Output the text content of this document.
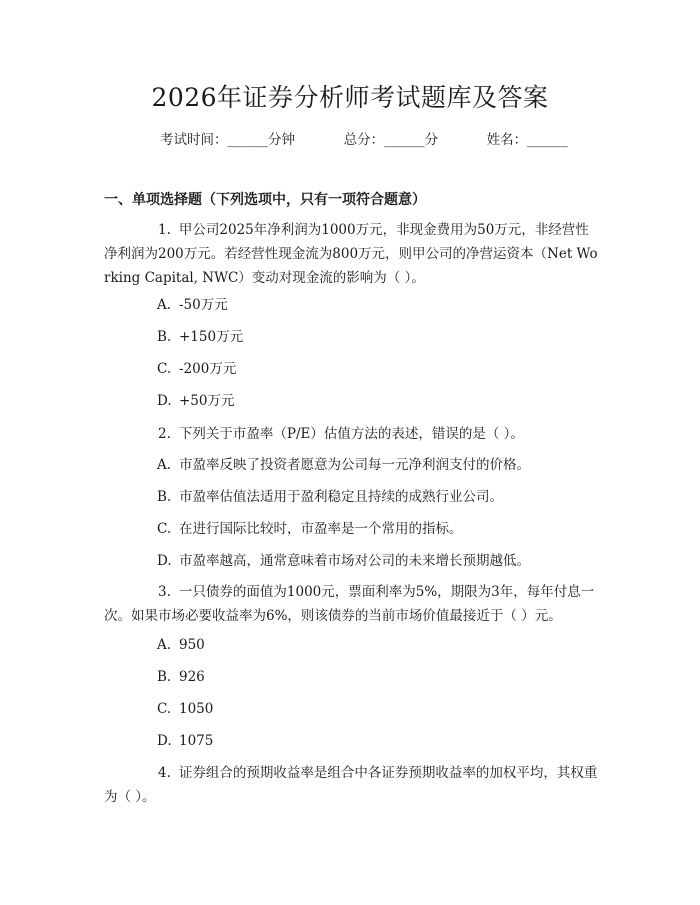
2026年证券分析师考试题库及答案
考试时间：______分钟	总分：______分	姓名：______
一、单项选择题（下列选项中，只有一项符合题意）
1. 甲公司2025年净利润为1000万元，非现金费用为50万元，非经营性净利润为200万元。若经营性现金流为800万元，则甲公司的净营运资本（Net Working Capital, NWC）变动对现金流的影响为（ ）。
A. -50万元
B. +150万元
C. -200万元
D. +50万元
2. 下列关于市盈率（P/E）估值方法的表述，错误的是（ ）。
A. 市盈率反映了投资者愿意为公司每一元净利润支付的价格。
B. 市盈率估值法适用于盈利稳定且持续的成熟行业公司。
C. 在进行国际比较时，市盈率是一个常用的指标。
D. 市盈率越高，通常意味着市场对公司的未来增长预期越低。
3. 一只债券的面值为1000元，票面利率为5%，期限为3年，每年付息一次。如果市场必要收益率为6%，则该债券的当前市场价值最接近于（ ）元。
A. 950
B. 926
C. 1050
D. 1075
4. 证券组合的预期收益率是组合中各证券预期收益率的加权平均，其权重为（ ）。
